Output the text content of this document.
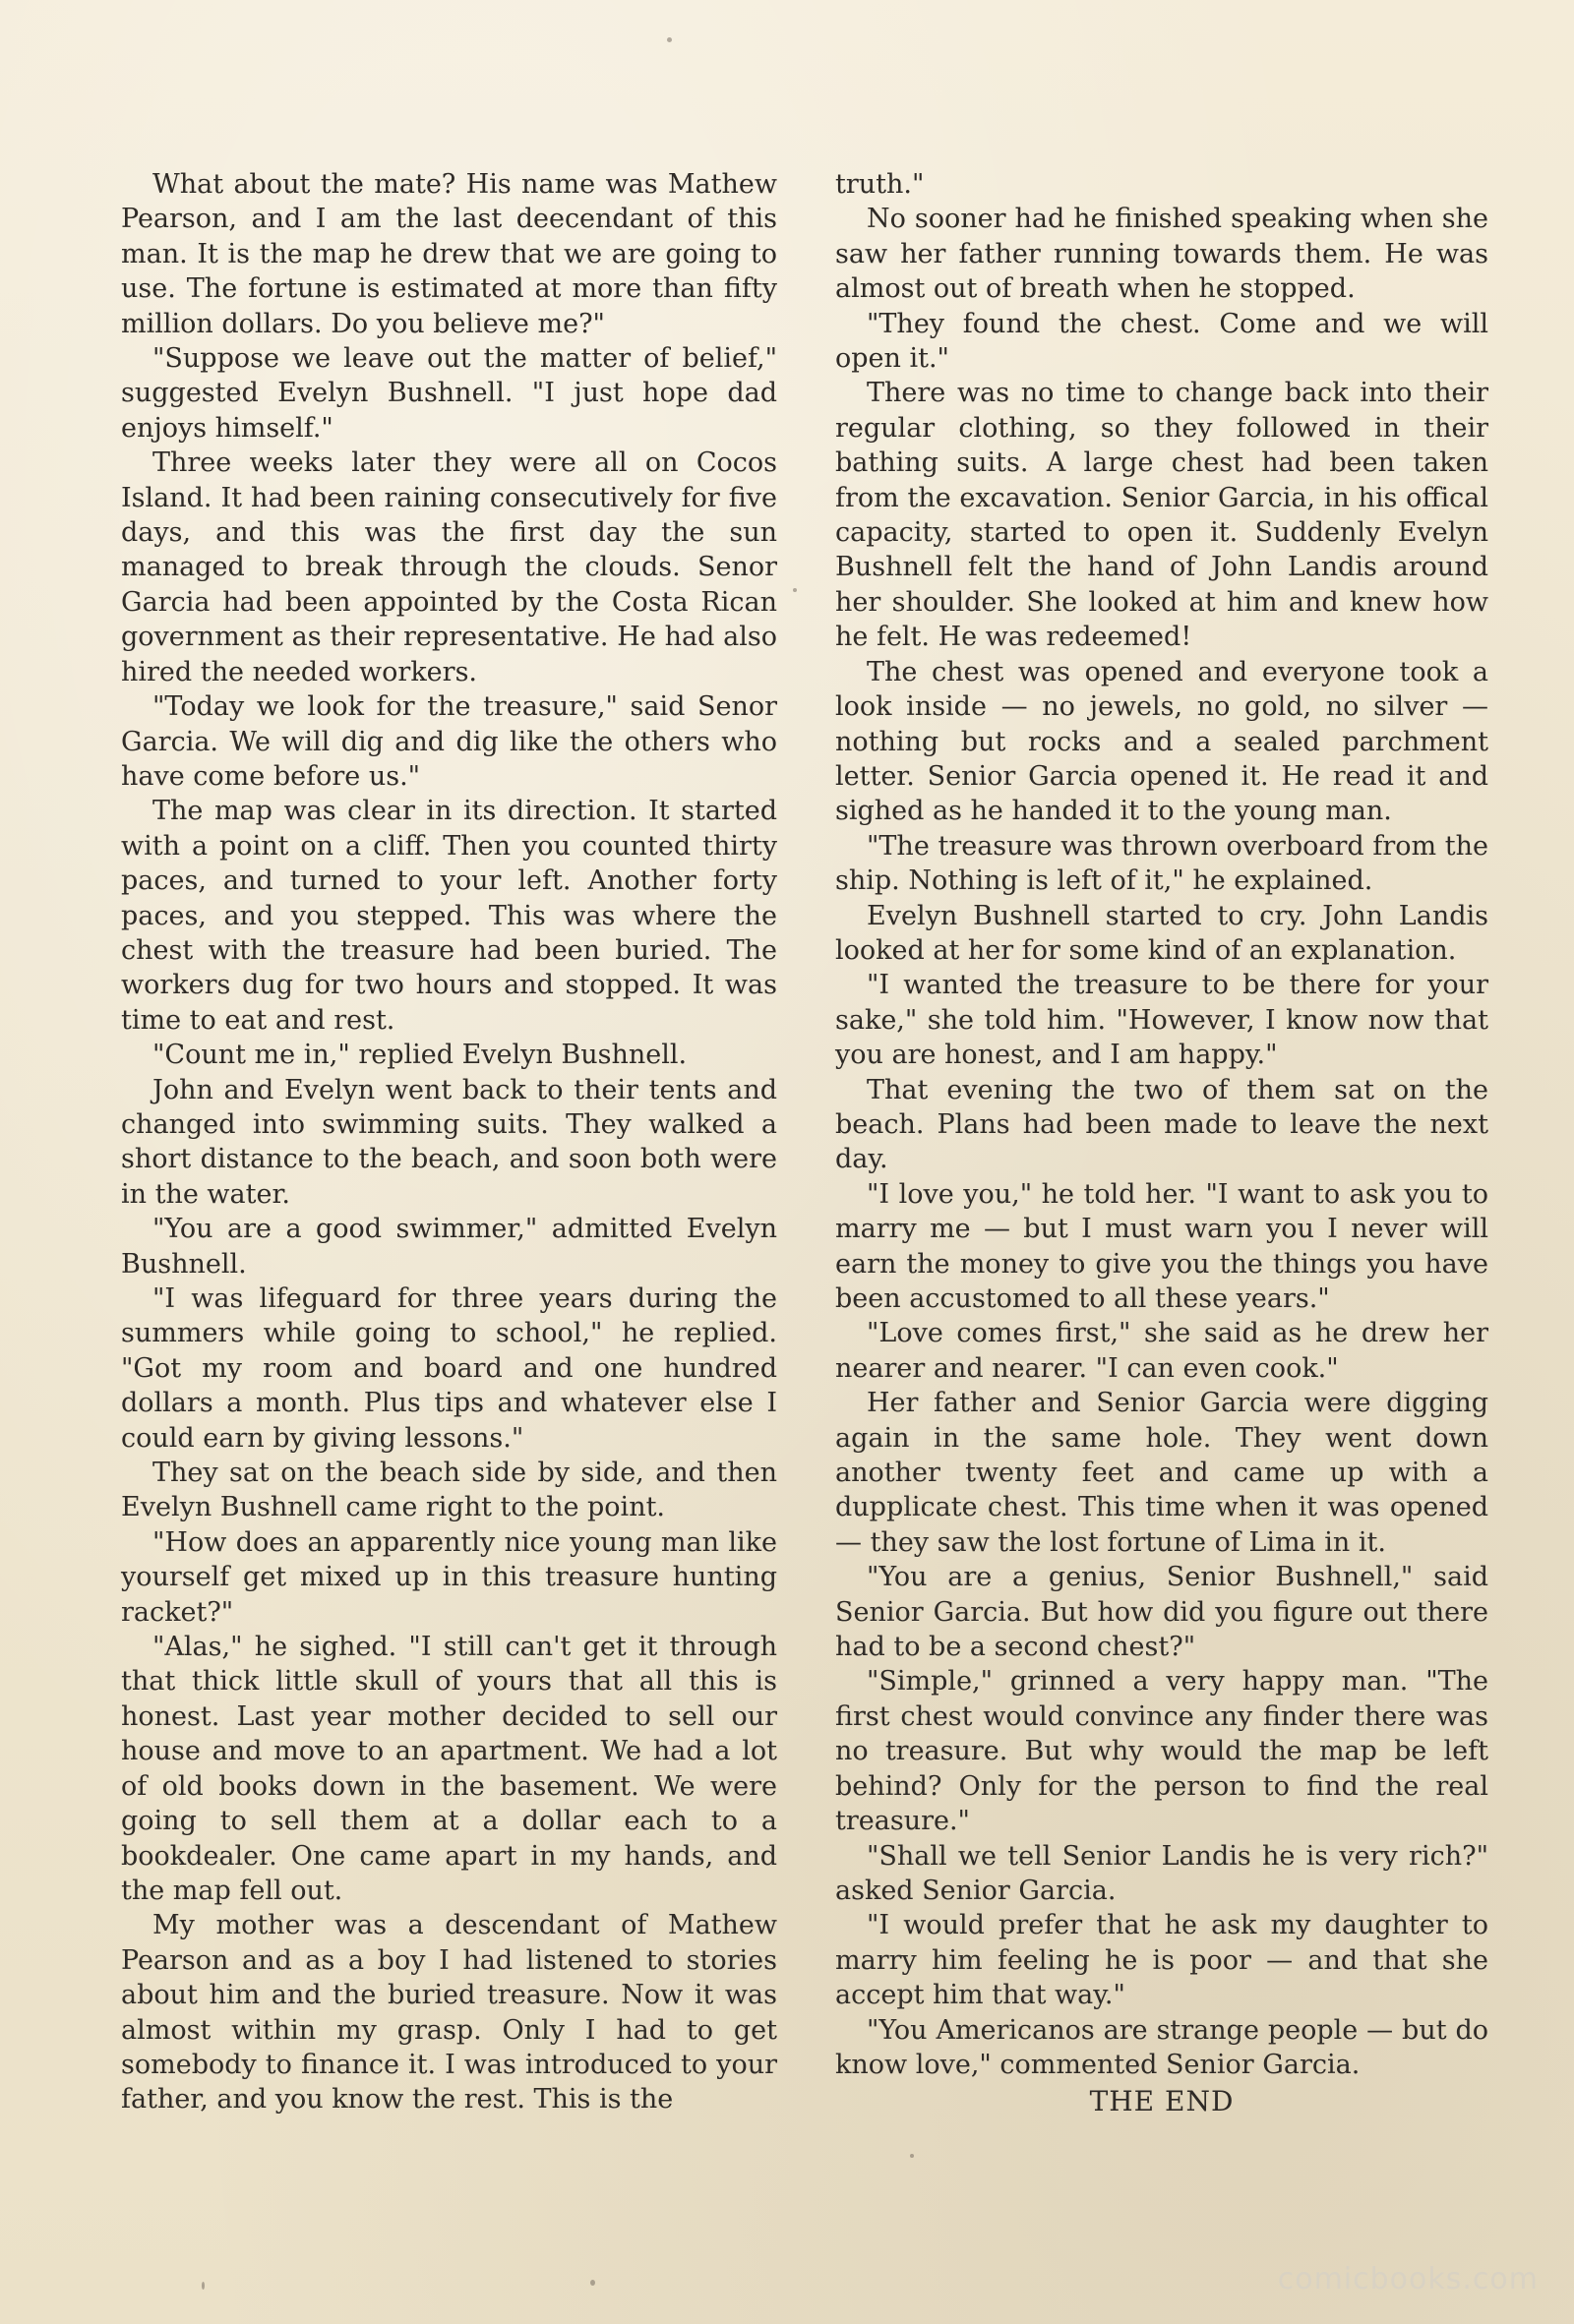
What about the mate? His name was Mathew Pearson, and I am the last deecendant of this man. It is the map he drew that we are going to use. The fortune is estimated at more than fifty million dollars. Do you believe me?"

"Suppose we leave out the matter of belief," suggested Evelyn Bushnell. "I just hope dad enjoys himself."

Three weeks later they were all on Cocos Island. It had been raining consecutively for five days, and this was the first day the sun managed to break through the clouds. Senor Garcia had been appointed by the Costa Rican government as their representative. He had also hired the needed workers.

"Today we look for the treasure," said Senor Garcia. We will dig and dig like the others who have come before us."

The map was clear in its direction. It started with a point on a cliff. Then you counted thirty paces, and turned to your left. Another forty paces, and you stepped. This was where the chest with the treasure had been buried. The workers dug for two hours and stopped. It was time to eat and rest.

"Count me in," replied Evelyn Bushnell.

John and Evelyn went back to their tents and changed into swimming suits. They walked a short distance to the beach, and soon both were in the water.

"You are a good swimmer," admitted Evelyn Bushnell.

"I was lifeguard for three years during the summers while going to school," he replied. "Got my room and board and one hundred dollars a month. Plus tips and whatever else I could earn by giving lessons."

They sat on the beach side by side, and then Evelyn Bushnell came right to the point.

"How does an apparently nice young man like yourself get mixed up in this treasure hunting racket?"

"Alas," he sighed. "I still can't get it through that thick little skull of yours that all this is honest. Last year mother decided to sell our house and move to an apartment. We had a lot of old books down in the basement. We were going to sell them at a dollar each to a bookdealer. One came apart in my hands, and the map fell out.

My mother was a descendant of Mathew Pearson and as a boy I had listened to stories about him and the buried treasure. Now it was almost within my grasp. Only I had to get somebody to finance it. I was introduced to your father, and you know the rest. This is the

truth."

No sooner had he finished speaking when she saw her father running towards them. He was almost out of breath when he stopped.

"They found the chest. Come and we will open it."

There was no time to change back into their regular clothing, so they followed in their bathing suits. A large chest had been taken from the excavation. Senior Garcia, in his offical capacity, started to open it. Suddenly Evelyn Bushnell felt the hand of John Landis around her shoulder. She looked at him and knew how he felt. He was redeemed!

The chest was opened and everyone took a look inside — no jewels, no gold, no silver — nothing but rocks and a sealed parchment letter. Senior Garcia opened it. He read it and sighed as he handed it to the young man.

"The treasure was thrown overboard from the ship. Nothing is left of it," he explained.

Evelyn Bushnell started to cry. John Landis looked at her for some kind of an explanation.

"I wanted the treasure to be there for your sake," she told him. "However, I know now that you are honest, and I am happy."

That evening the two of them sat on the beach. Plans had been made to leave the next day.

"I love you," he told her. "I want to ask you to marry me — but I must warn you I never will earn the money to give you the things you have been accustomed to all these years."

"Love comes first," she said as he drew her nearer and nearer. "I can even cook."

Her father and Senior Garcia were digging again in the same hole. They went down another twenty feet and came up with a dupplicate chest. This time when it was opened — they saw the lost fortune of Lima in it.

"You are a genius, Senior Bushnell," said Senior Garcia. But how did you figure out there had to be a second chest?"

"Simple," grinned a very happy man. "The first chest would convince any finder there was no treasure. But why would the map be left behind? Only for the person to find the real treasure."

"Shall we tell Senior Landis he is very rich?" asked Senior Garcia.

"I would prefer that he ask my daughter to marry him feeling he is poor — and that she accept him that way."

"You Americanos are strange people — but do know love," commented Senior Garcia.

THE END
comicbooks.com
